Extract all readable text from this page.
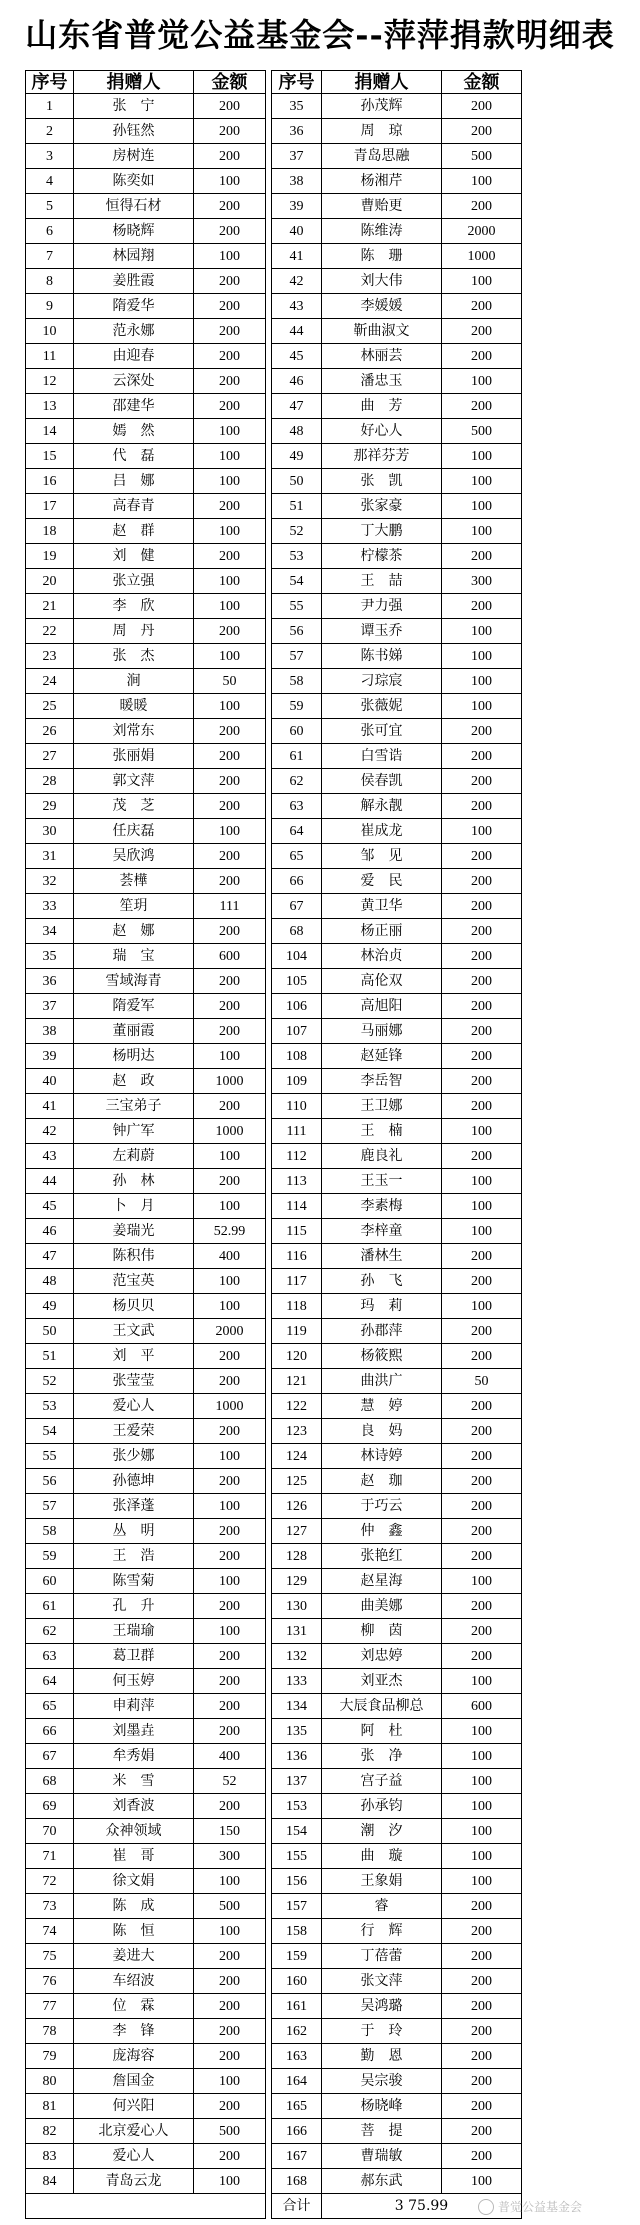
山东省普觉公益基金会--萍萍捐款明细表
序号	捐赠人	金额		序号	捐赠人	金额
1	张　宁	200		35	孙茂辉	200
2	孙钰然	200		36	周　琼	200
3	房树连	200		37	青岛思融	500
4	陈奕如	100		38	杨湘芹	100
5	恒得石材	200		39	曹贻更	200
6	杨晓辉	200		40	陈维涛	2000
7	林园翔	100		41	陈　珊	1000
8	姜胜霞	200		42	刘大伟	100
9	隋爱华	200		43	李媛媛	200
10	范永娜	200		44	靳曲淑文	200
11	由迎春	200		45	林丽芸	200
12	云深处	200		46	潘忠玉	100
13	邵建华	200		47	曲　芳	200
14	嫣　然	100		48	好心人	500
15	代　磊	100		49	那祥芬芳	100
16	吕　娜	100		50	张　凯	100
17	高春青	200		51	张家豪	100
18	赵　群	100		52	丁大鹏	100
19	刘　健	200		53	柠檬茶	200
20	张立强	100		54	王　喆	300
21	李　欣	100		55	尹力强	200
22	周　丹	200		56	谭玉乔	100
23	张　杰	100		57	陈书娣	100
24	涧	50		58	刁琮宸	100
25	暖暖	100		59	张薇妮	100
26	刘常东	200		60	张可宜	200
27	张丽娟	200		61	白雪诰	200
28	郭文萍	200		62	侯春凯	200
29	茂　芝	200		63	解永靓	200
30	任庆磊	100		64	崔成龙	100
31	吴欣鸿	200		65	邹　见	200
32	荟樺	200		66	爱　民	200
33	笙玥	111		67	黄卫华	200
34	赵　娜	200		68	杨正丽	200
35	瑞　宝	600		104	林治贞	200
36	雪域海青	200		105	高伦双	200
37	隋爱军	200		106	高旭阳	200
38	董丽霞	200		107	马丽娜	200
39	杨明达	100		108	赵延锋	200
40	赵　政	1000		109	李岳智	200
41	三宝弟子	200		110	王卫娜	200
42	钟广军	1000		111	王　楠	100
43	左莉蔚	100		112	鹿良礼	200
44	孙　林	200		113	王玉一	100
45	卜　月	100		114	李素梅	100
46	姜瑞光	52.99		115	李梓童	100
47	陈积伟	400		116	潘林生	200
48	范宝英	100		117	孙　飞	200
49	杨贝贝	100		118	玛　莉	100
50	王文武	2000		119	孙郡萍	200
51	刘　平	200		120	杨筱熙	200
52	张莹莹	200		121	曲洪广	50
53	爱心人	1000		122	慧　婷	200
54	王爱荣	200		123	良　妈	200
55	张少娜	100		124	林诗婷	200
56	孙德坤	200		125	赵　珈	200
57	张泽蓬	100		126	于巧云	200
58	丛　明	200		127	仲　鑫	200
59	王　浩	200		128	张艳红	200
60	陈雪菊	100		129	赵星海	100
61	孔　升	200		130	曲美娜	200
62	王瑞瑜	100		131	柳　茵	200
63	葛卫群	200		132	刘忠婷	200
64	何玉婷	200		133	刘亚杰	100
65	申莉萍	200		134	大辰食品柳总	600
66	刘墨垚	200		135	阿　杜	100
67	牟秀娟	400		136	张　净	100
68	米　雪	52		137	宫子益	100
69	刘香波	200		153	孙承钧	100
70	众神领域	150		154	潮　汐	100
71	崔　哥	300		155	曲　璇	100
72	徐文娟	100		156	王象娟	100
73	陈　成	500		157	睿	200
74	陈　恒	100		158	行　辉	200
75	姜进大	200		159	丁蓓蕾	200
76	车绍波	200		160	张文萍	200
77	位　霖	200		161	吴鸿璐	200
78	李　锋	200		162	于　玲	200
79	庞海容	200		163	勤　恩	200
80	詹国金	100		164	吴宗骏	200
81	何兴阳	200		165	杨晓峰	200
82	北京爱心人	500		166	菩　提	200
83	爱心人	200		167	曹瑞敏	200
84	青岛云龙	100		168	郝东武	100
				合计	3 75.99		普觉公益基金会
